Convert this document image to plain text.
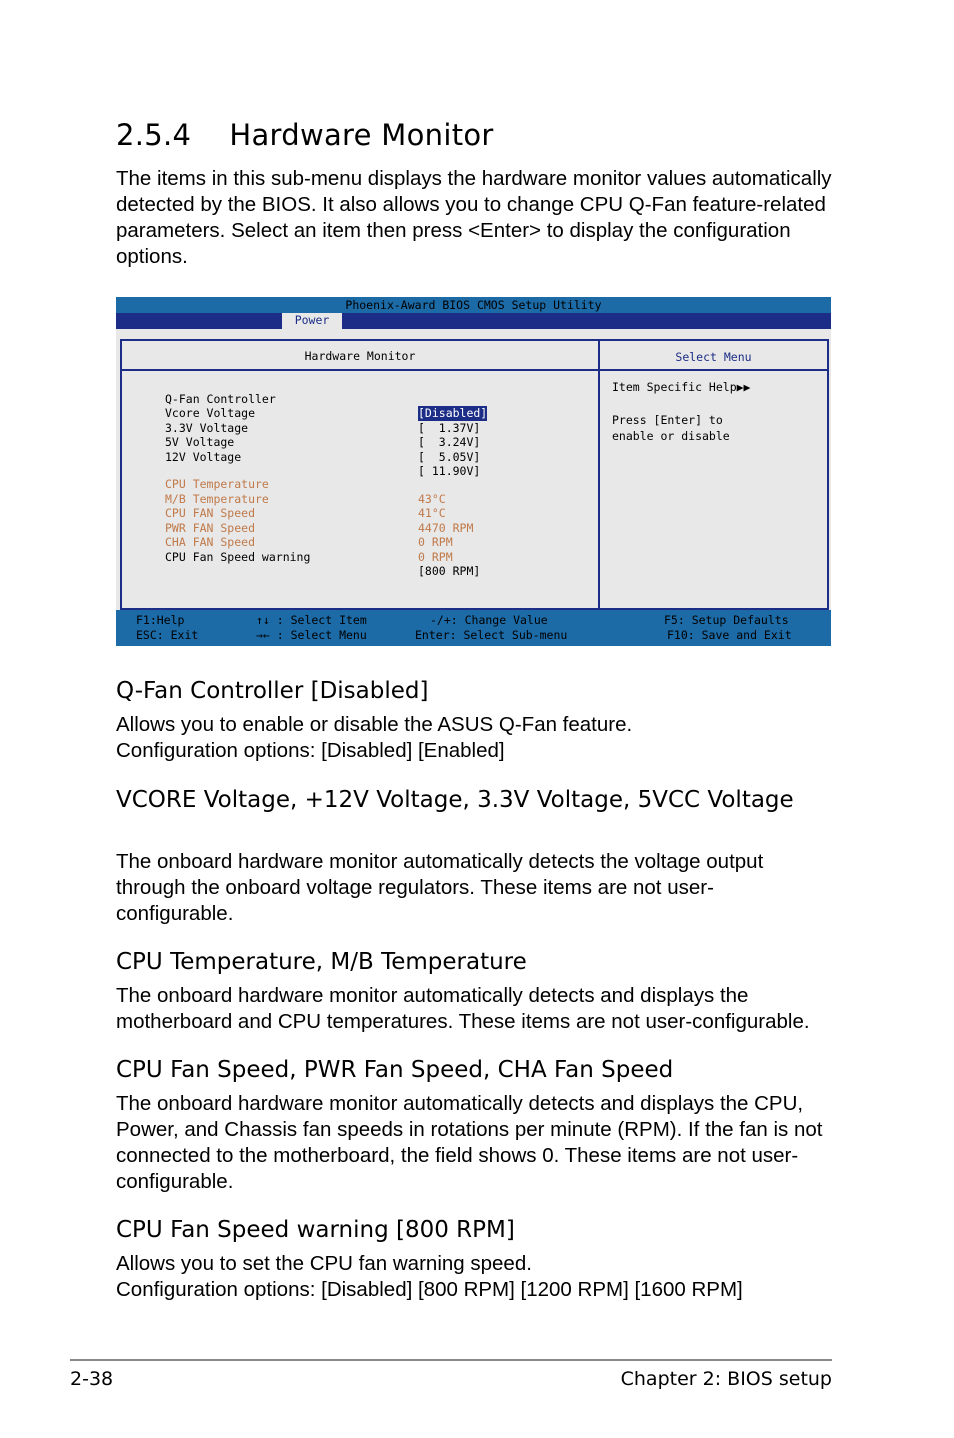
2.5.4    Hardware Monitor
The items in this sub-menu displays the hardware monitor values automatically detected by the BIOS. It also allows you to change CPU Q-Fan feature-related parameters. Select an item then press <Enter> to display the configuration options.
Phoenix-Award BIOS CMOS Setup Utility
Power
Hardware Monitor	Select Menu

Q-Fan Controller

[Disabled]

Vcore Voltage

[  1.37V]

3.3V Voltage

[  3.24V]

5V Voltage

[  5.05V]

12V Voltage

[ 11.90V]

CPU Temperature

43°C

M/B Temperature

41°C

CPU FAN Speed

4470 RPM

PWR FAN Speed

0 RPM

CHA FAN Speed

0 RPM

CPU Fan Speed warning

[800 RPM]

Item Specific Help▶▶
Press [Enter] to
enable or disable
F1:Help
ESC: Exit
↑↓ : Select Item
→← : Select Menu
-/+: Change Value
Enter: Select Sub-menu
F5: Setup Defaults
F10: Save and Exit
Q-Fan Controller [Disabled]
Allows you to enable or disable the ASUS Q-Fan feature.
Configuration options: [Disabled] [Enabled]
VCORE Voltage, +12V Voltage, 3.3V Voltage, 5VCC Voltage
The onboard hardware monitor automatically detects the voltage output through the onboard voltage regulators. These items are not user-configurable.
CPU Temperature, M/B Temperature
The onboard hardware monitor automatically detects and displays the motherboard and CPU temperatures. These items are not user-configurable.
CPU Fan Speed, PWR Fan Speed, CHA Fan Speed
The onboard hardware monitor automatically detects and displays the CPU, Power, and Chassis fan speeds in rotations per minute (RPM). If the fan is not connected to the motherboard, the field shows 0. These items are not user-configurable.
CPU Fan Speed warning [800 RPM]
Allows you to set the CPU fan warning speed.
Configuration options: [Disabled] [800 RPM] [1200 RPM] [1600 RPM]
2-38	Chapter 2: BIOS setup
